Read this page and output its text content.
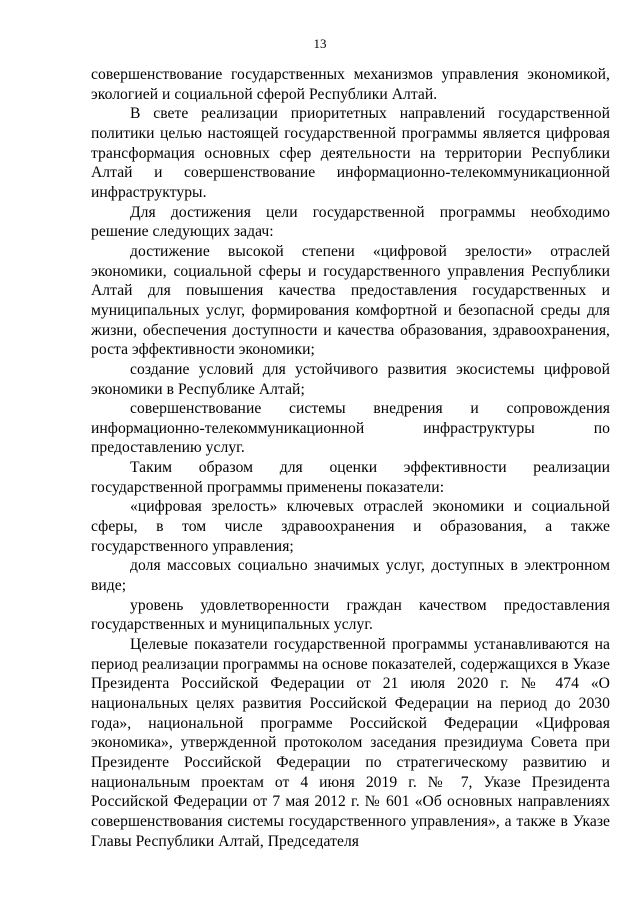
13

совершенствование государственных механизмов управления экономикой, экологией и социальной сферой Республики Алтай.

В свете реализации приоритетных направлений государственной политики целью настоящей государственной программы является цифровая трансформация основных сфер деятельности на территории Республики Алтай и совершенствование информационно-телекоммуникационной инфраструктуры.

Для достижения цели государственной программы необходимо решение следующих задач:

достижение высокой степени «цифровой зрелости» отраслей экономики, социальной сферы и государственного управления Республики Алтай для повышения качества предоставления государственных и муниципальных услуг, формирования комфортной и безопасной среды для жизни, обеспечения доступности и качества образования, здравоохранения, роста эффективности экономики;

создание условий для устойчивого развития экосистемы цифровой экономики в Республике Алтай;

совершенствование системы внедрения и сопровождения информационно-телекоммуникационной инфраструктуры по предоставлению услуг.

Таким образом для оценки эффективности реализации государственной программы применены показатели:

«цифровая зрелость» ключевых отраслей экономики и социальной сферы, в том числе здравоохранения и образования, а также государственного управления;

доля массовых социально значимых услуг, доступных в электронном виде;

уровень удовлетворенности граждан качеством предоставления государственных и муниципальных услуг.

Целевые показатели государственной программы устанавливаются на период реализации программы на основе показателей, содержащихся в Указе Президента Российской Федерации от 21 июля 2020 г. № 474 «О национальных целях развития Российской Федерации на период до 2030 года», национальной программе Российской Федерации «Цифровая экономика», утвержденной протоколом заседания президиума Совета при Президенте Российской Федерации по стратегическому развитию и национальным проектам от 4 июня 2019 г. № 7, Указе Президента Российской Федерации от 7 мая 2012 г. № 601 «Об основных направлениях совершенствования системы государственного управления», а также в Указе Главы Республики Алтай, Председателя
